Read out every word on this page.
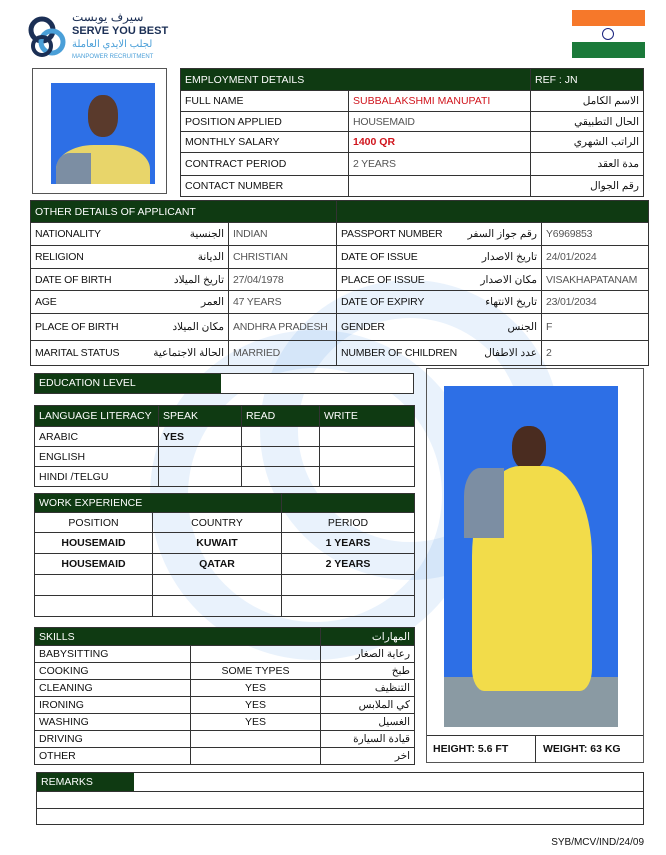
سيرف يوبست
SERVE YOU BEST
لجلب الايدي العاملة
MANPOWER RECRUITMENT
EMPLOYMENT DETAILS		REF : JN
FULL NAME	SUBBALAKSHMI MANUPATI	الاسم الكامل
POSITION APPLIED	HOUSEMAID	الحال التطبيقي
MONTHLY SALARY	1400 QR	الراتب الشهري
CONTRACT PERIOD	2 YEARS	مدة العقد
CONTACT NUMBER		رقم الجوال
OTHER DETAILS OF APPLICANT			

NATIONALITY الجنسية	INDIAN	PASSPORT NUMBER رقم جواز السفر	Y6969853

RELIGION الديانة	CHRISTIAN	DATE OF ISSUE تاريخ الاصدار	24/01/2024

DATE OF BIRTH تاريخ الميلاد	27/04/1978	PLACE OF ISSUE مكان الاصدار	VISAKHAPATANAM

AGE العمر	47 YEARS	DATE OF EXPIRY تاريخ الانتهاء	23/01/2034

PLACE OF BIRTH مكان الميلاد	ANDHRA PRADESH	GENDER الجنس	F

MARITAL STATUS الحالة الاجتماعية	MARRIED	NUMBER OF CHILDREN عدد الاطفال	2
EDUCATION LEVEL
LANGUAGE LITERACY	SPEAK	READ	WRITE
ARABIC	YES		
ENGLISH			
HINDI /TELGU			
WORK EXPERIENCE		
POSITION	COUNTRY	PERIOD
HOUSEMAID	KUWAIT	1 YEARS
HOUSEMAID	QATAR	2 YEARS

SKILLS		المهارات
BABYSITTING		رعاية الصغار
COOKING	SOME TYPES	طبخ
CLEANING	YES	التنظيف
IRONING	YES	كي الملابس
WASHING	YES	الغسيل
DRIVING		قيادة السيارة
OTHER		اخر
HEIGHT: 5.6 FT	WEIGHT: 63 KG
REMARKS
SYB/MCV/IND/24/09
